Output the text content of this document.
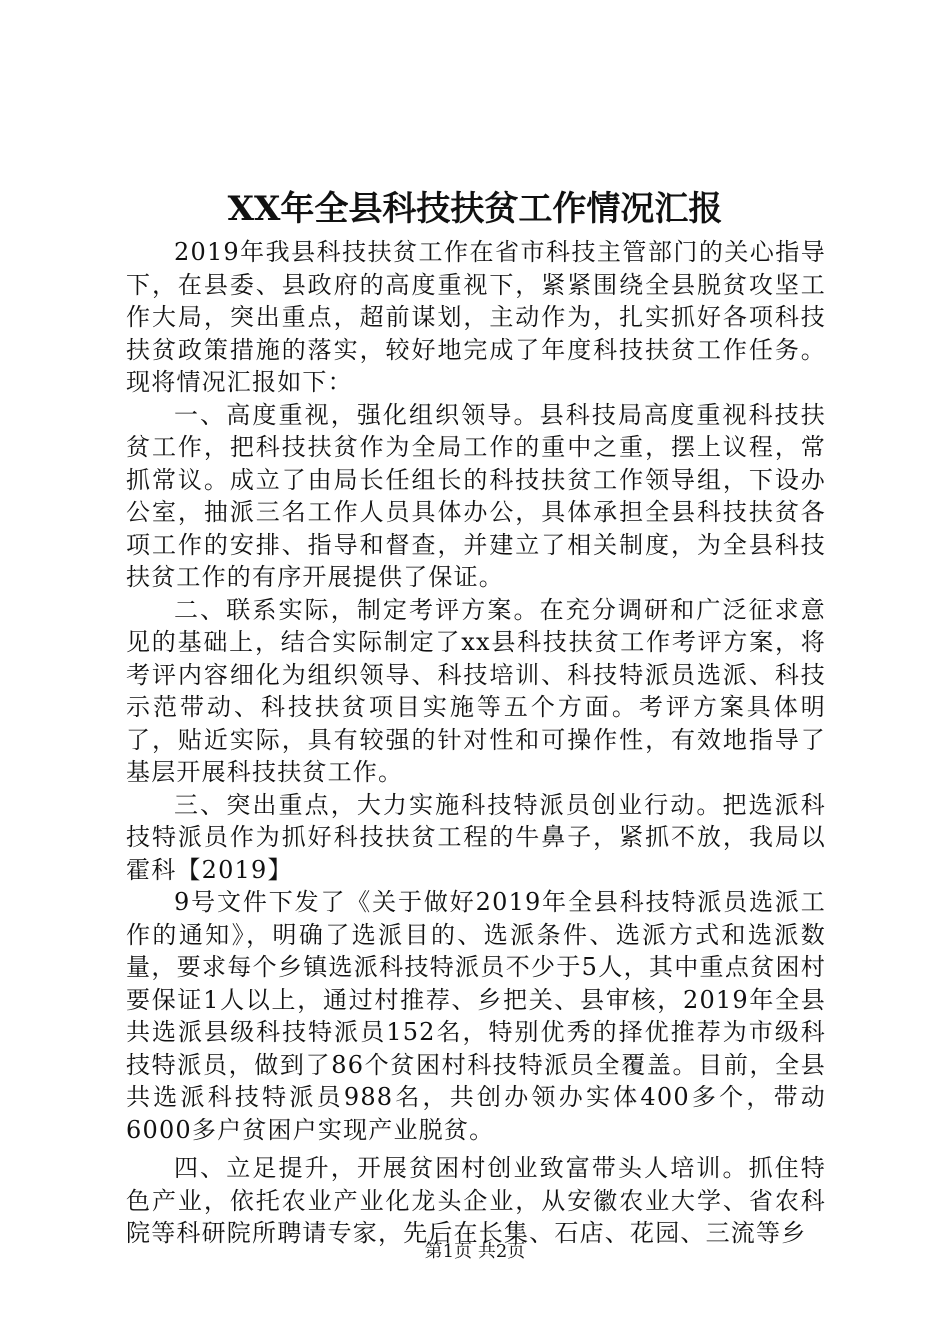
XX年全县科技扶贫工作情况汇报

2019年我县科技扶贫工作在省市科技主管部门的关心指导下，在县委、县政府的高度重视下，紧紧围绕全县脱贫攻坚工作大局，突出重点，超前谋划，主动作为，扎实抓好各项科技扶贫政策措施的落实，较好地完成了年度科技扶贫工作任务。现将情况汇报如下：

一、高度重视，强化组织领导。县科技局高度重视科技扶贫工作，把科技扶贫作为全局工作的重中之重，摆上议程，常抓常议。成立了由局长任组长的科技扶贫工作领导组，下设办公室，抽派三名工作人员具体办公，具体承担全县科技扶贫各项工作的安排、指导和督查，并建立了相关制度，为全县科技扶贫工作的有序开展提供了保证。

二、联系实际，制定考评方案。在充分调研和广泛征求意见的基础上，结合实际制定了xx县科技扶贫工作考评方案，将考评内容细化为组织领导、科技培训、科技特派员选派、科技示范带动、科技扶贫项目实施等五个方面。考评方案具体明了，贴近实际，具有较强的针对性和可操作性，有效地指导了基层开展科技扶贫工作。

三、突出重点，大力实施科技特派员创业行动。把选派科技特派员作为抓好科技扶贫工程的牛鼻子，紧抓不放，我局以霍科【2019】

9号文件下发了《关于做好2019年全县科技特派员选派工作的通知》，明确了选派目的、选派条件、选派方式和选派数量，要求每个乡镇选派科技特派员不少于5人，其中重点贫困村要保证1人以上，通过村推荐、乡把关、县审核，2019年全县共选派县级科技特派员152名，特别优秀的择优推荐为市级科技特派员，做到了86个贫困村科技特派员全覆盖。目前，全县共选派科技特派员988名，共创办领办实体400多个，带动6000多户贫困户实现产业脱贫。

四、立足提升，开展贫困村创业致富带头人培训。抓住特色产业，依托农业产业化龙头企业，从安徽农业大学、省农科院等科研院所聘请专家，先后在长集、石店、花园、三流等乡

第1页 共2页
